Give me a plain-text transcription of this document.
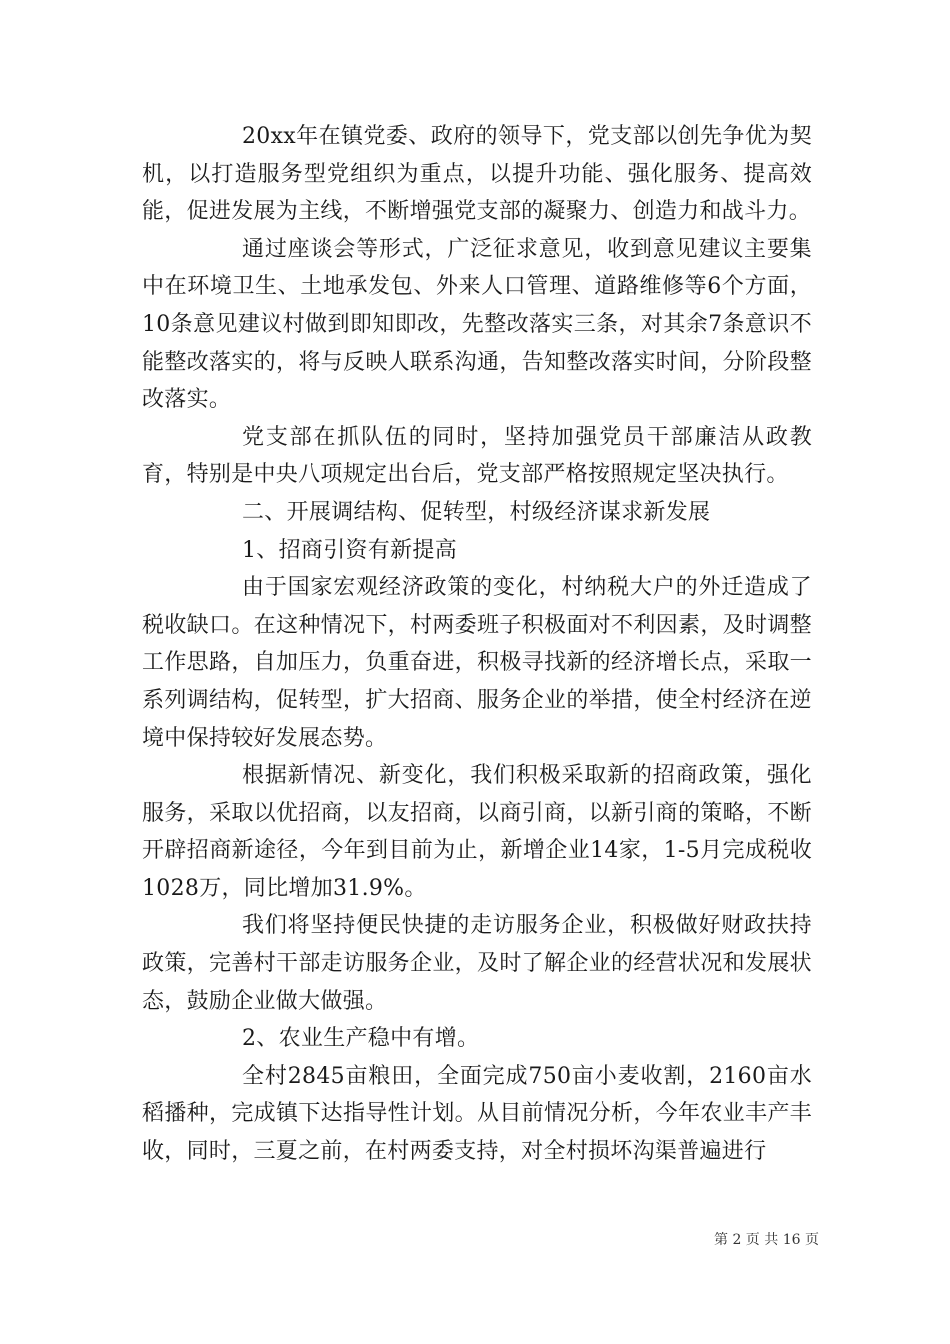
20xx年在镇党委、政府的领导下，党支部以创先争优为契机，以打造服务型党组织为重点，以提升功能、强化服务、提高效能，促进发展为主线，不断增强党支部的凝聚力、创造力和战斗力。

通过座谈会等形式，广泛征求意见，收到意见建议主要集中在环境卫生、土地承发包、外来人口管理、道路维修等6个方面，10条意见建议村做到即知即改，先整改落实三条，对其余7条意识不能整改落实的，将与反映人联系沟通，告知整改落实时间，分阶段整改落实。

党支部在抓队伍的同时，坚持加强党员干部廉洁从政教育，特别是中央八项规定出台后，党支部严格按照规定坚决执行。

二、开展调结构、促转型，村级经济谋求新发展

1、招商引资有新提高

由于国家宏观经济政策的变化，村纳税大户的外迁造成了税收缺口。在这种情况下，村两委班子积极面对不利因素，及时调整工作思路，自加压力，负重奋进，积极寻找新的经济增长点，采取一系列调结构，促转型，扩大招商、服务企业的举措，使全村经济在逆境中保持较好发展态势。

根据新情况、新变化，我们积极采取新的招商政策，强化服务，采取以优招商，以友招商，以商引商，以新引商的策略，不断开辟招商新途径，今年到目前为止，新增企业14家，1-5月完成税收1028万，同比增加31.9%。

我们将坚持便民快捷的走访服务企业，积极做好财政扶持政策，完善村干部走访服务企业，及时了解企业的经营状况和发展状态，鼓励企业做大做强。

2、农业生产稳中有增。

全村2845亩粮田，全面完成750亩小麦收割，2160亩水稻播种，完成镇下达指导性计划。从目前情况分析，今年农业丰产丰收，同时，三夏之前，在村两委支持，对全村损坏沟渠普遍进行

第 2 页 共 16 页
